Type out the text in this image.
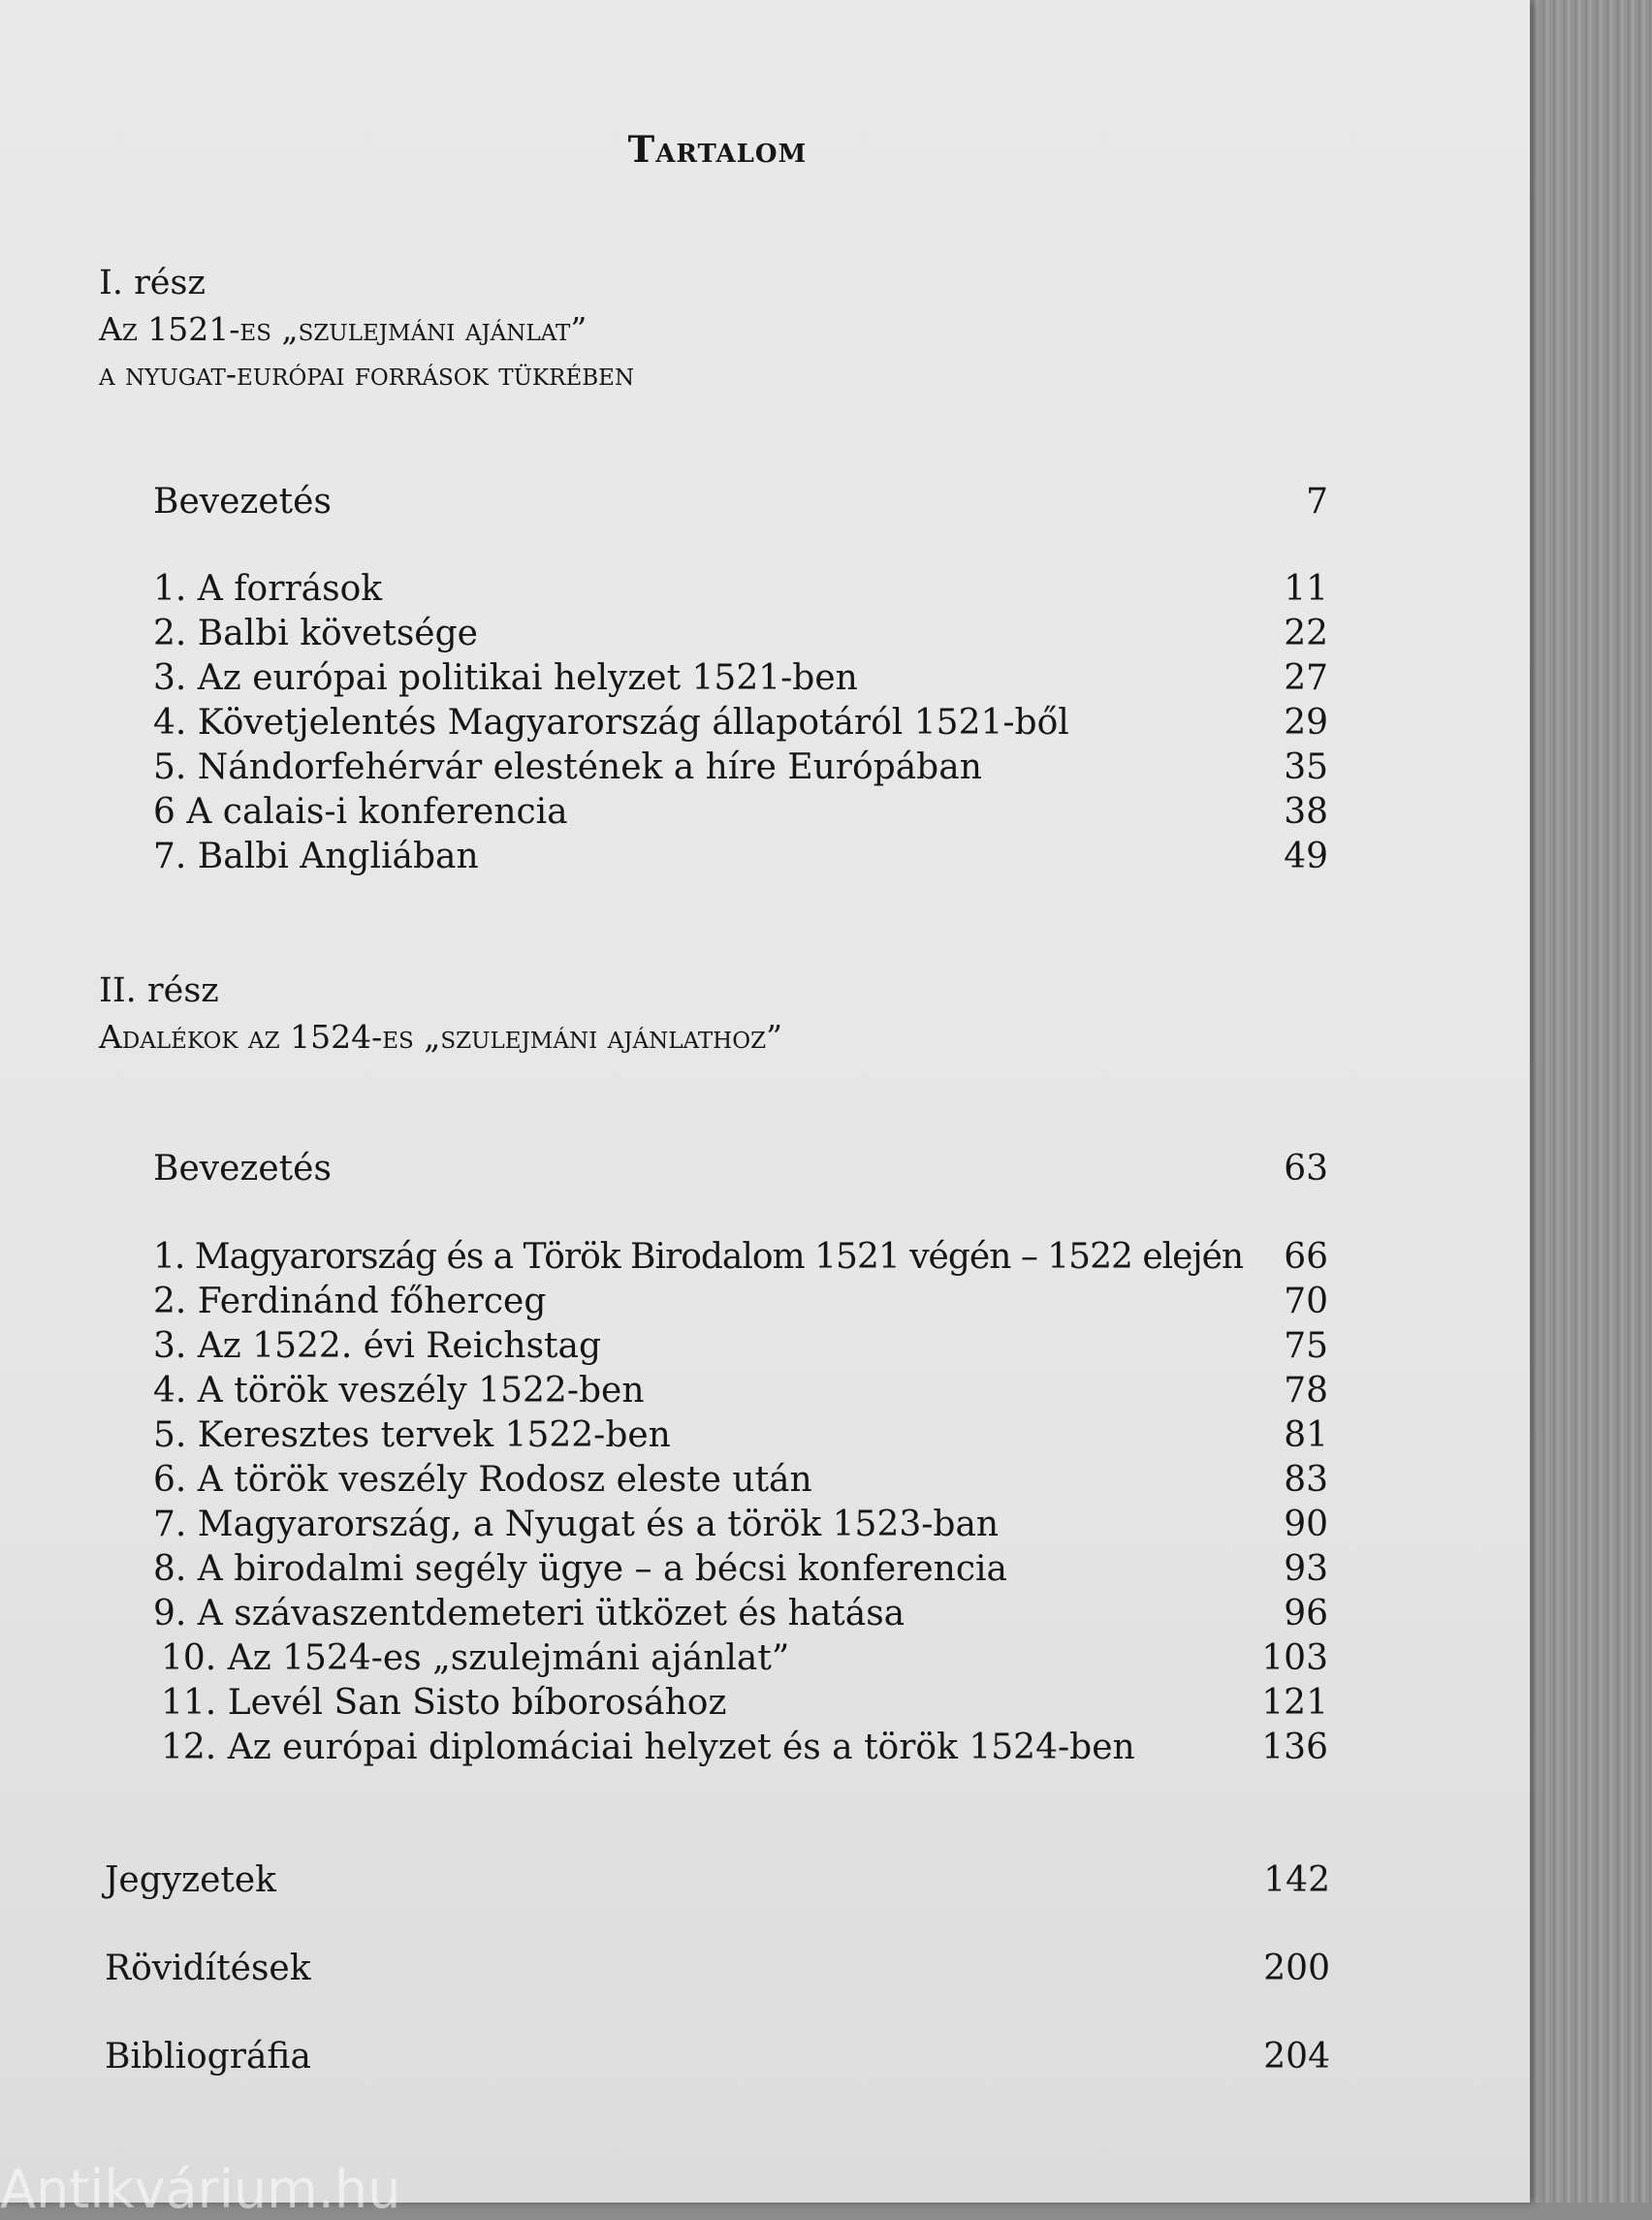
Tartalom
I. rész
Az 1521-es „szulejmáni ajánlat”
a nyugat-európai források tükrében
Bevezetés	7
1. A források	11
2. Balbi követsége	22
3. Az európai politikai helyzet 1521-ben	27
4. Követjelentés Magyarország állapotáról 1521-ből	29
5. Nándorfehérvár elestének a híre Európában	35
6 A calais-i konferencia	38
7. Balbi Angliában	49
II. rész
Adalékok az 1524-es „szulejmáni ajánlathoz”
Bevezetés	63
1. Magyarország és a Török Birodalom 1521 végén – 1522 elején 66
2. Ferdinánd főherceg	70
3. Az 1522. évi Reichstag	75
4. A török veszély 1522-ben	78
5. Keresztes tervek 1522-ben	81
6. A török veszély Rodosz eleste után	83
7. Magyarország, a Nyugat és a török 1523-ban	90
8. A birodalmi segély ügye – a bécsi konferencia	93
9. A szávaszentdemeteri ütközet és hatása	96
10. Az 1524-es „szulejmáni ajánlat”	103
11. Levél San Sisto bíborosához	121
12. Az európai diplomáciai helyzet és a török 1524-ben	136
Jegyzetek	142
Rövidítések	200
Bibliográfia	204
Antikvárium.hu
